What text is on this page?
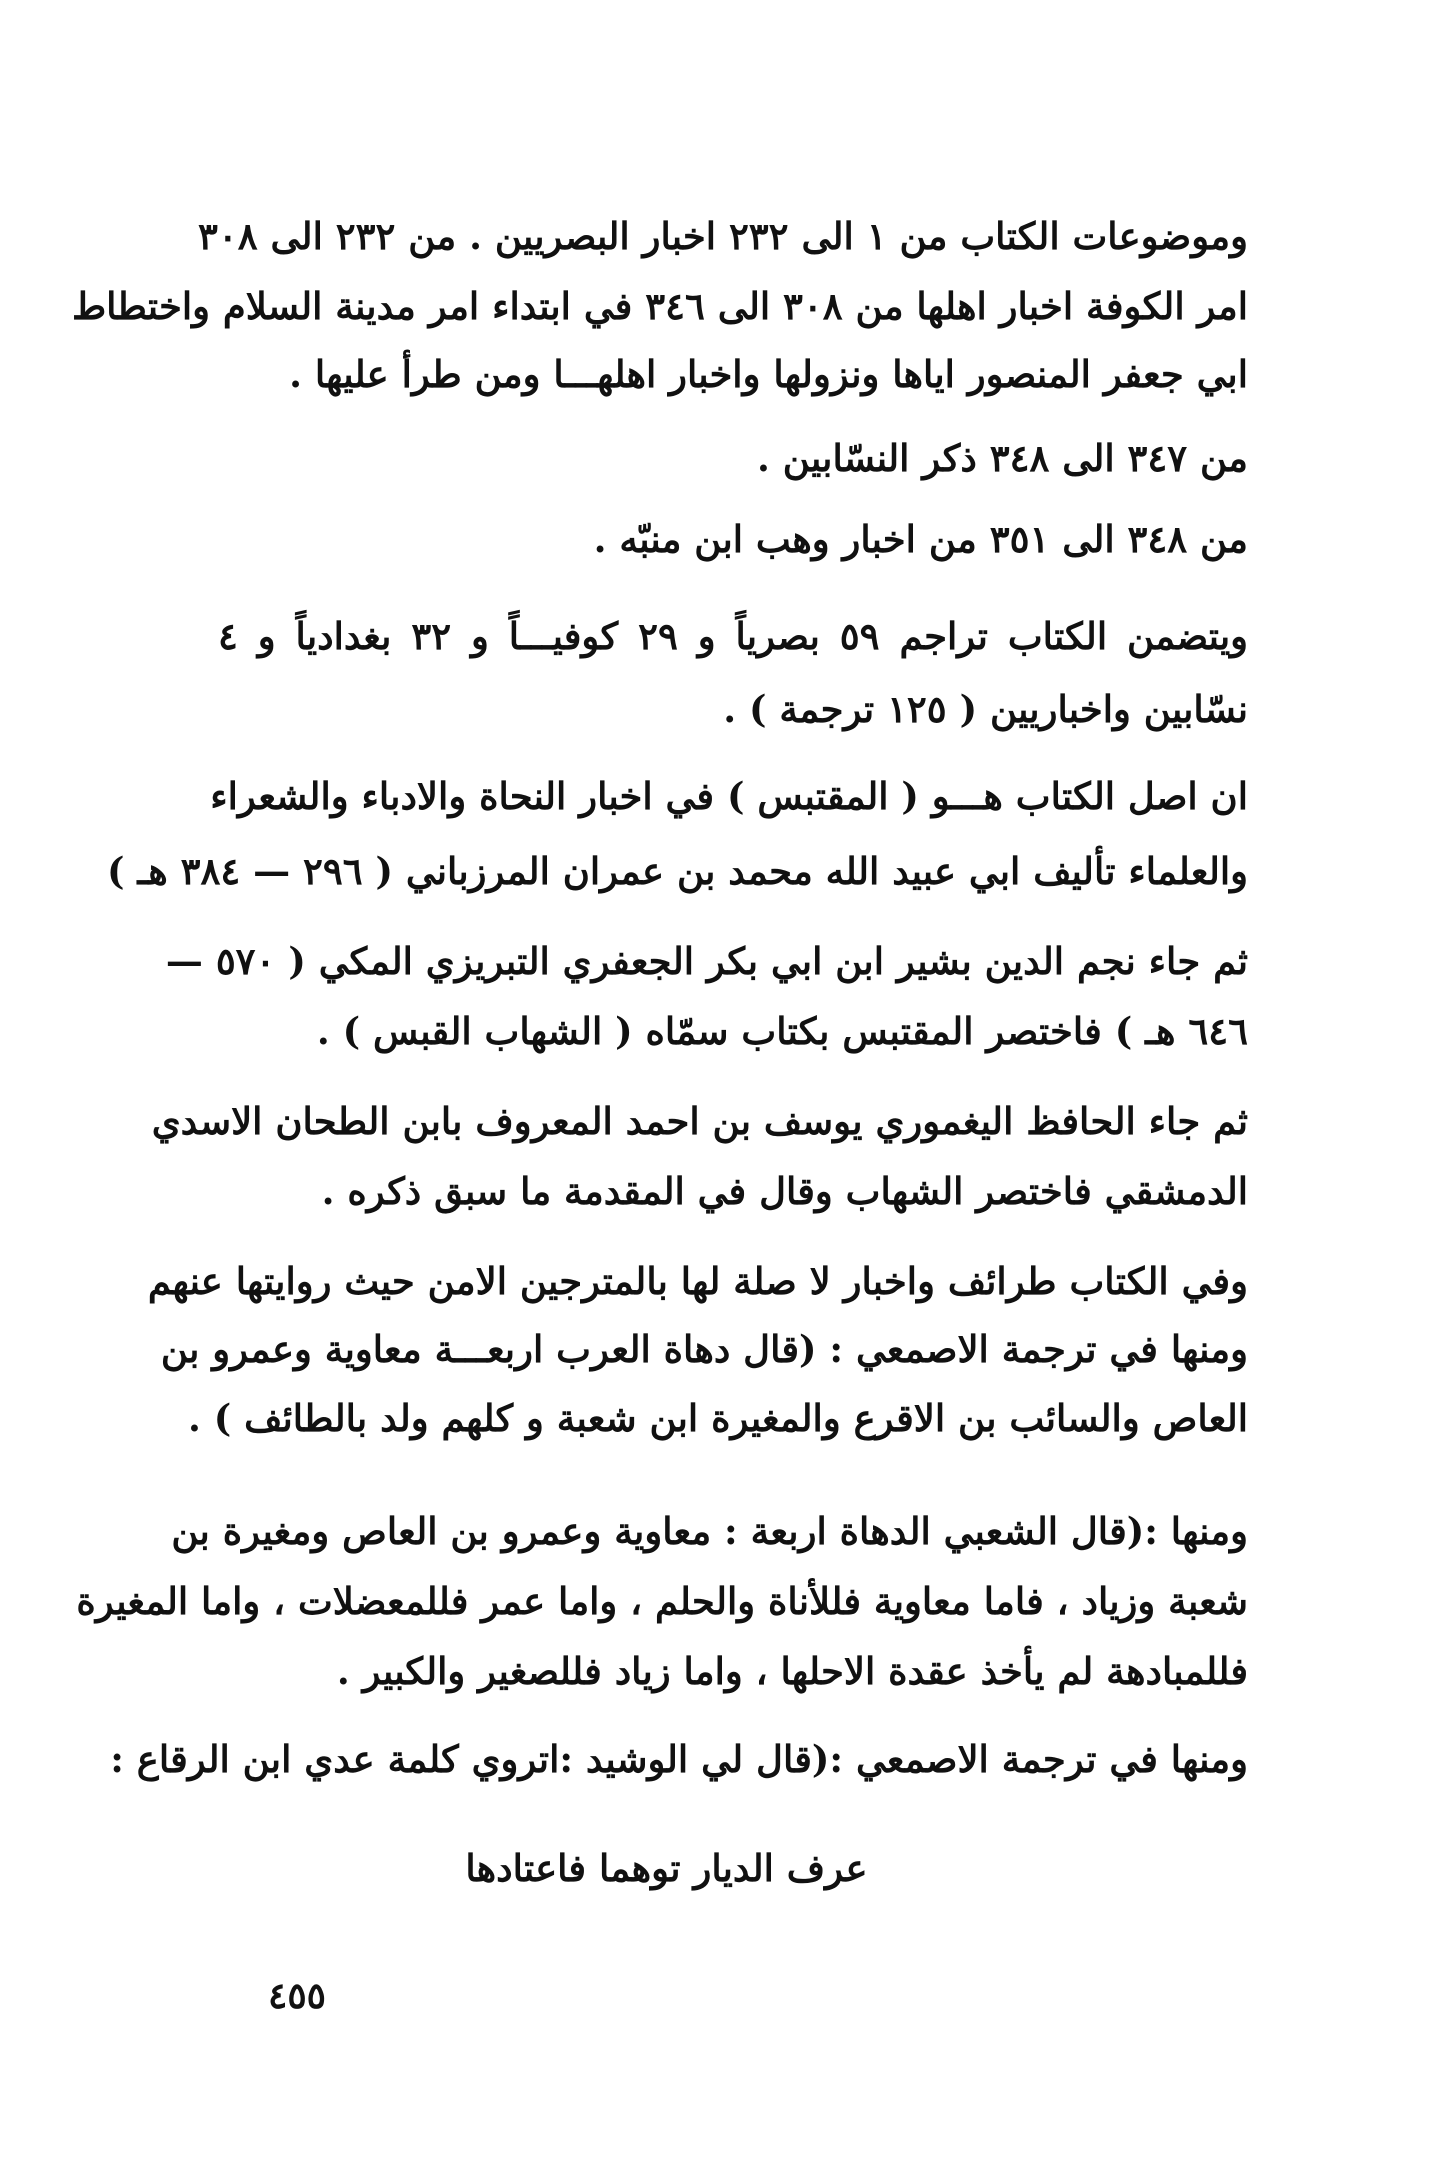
وموضوعات الكتاب من ١ الى ٢٣٢ اخبار البصريين . من ٢٣٢ الى ٣٠٨
امر الكوفة اخبار اهلها من ٣٠٨ الى ٣٤٦ في ابتداء امر مدينة السلام واختطاط
ابي جعفر المنصور اياها ونزولها واخبار اهلهـــا ومن طرأ عليها .
من ٣٤٧ الى ٣٤٨ ذكر النسّابين .
من ٣٤٨ الى ٣٥١ من اخبار وهب ابن منبّه .
ويتضمن الكتاب تراجم ٥٩ بصرياً و ٢٩ كوفيـــاً و ٣٢ بغدادياً و ٤
نسّابين واخباريين ( ١٢٥ ترجمة ) .
ان اصل الكتاب هـــو ( المقتبس ) في اخبار النحاة والادباء والشعراء
والعلماء تأليف ابي عبيد الله محمد بن عمران المرزباني ( ٢٩٦ — ٣٨٤ هـ )
ثم جاء نجم الدين بشير ابن ابي بكر الجعفري التبريزي المكي ( ٥٧٠ —
٦٤٦ هـ ) فاختصر المقتبس بكتاب سمّاه ( الشهاب القبس ) .
ثم جاء الحافظ اليغموري يوسف بن احمد المعروف بابن الطحان الاسدي
الدمشقي فاختصر الشهاب وقال في المقدمة ما سبق ذكره .
وفي الكتاب طرائف واخبار لا صلة لها بالمترجين الامن حيث روايتها عنهم
ومنها في ترجمة الاصمعي : (قال دهاة العرب اربعـــة معاوية وعمرو بن
العاص والسائب بن الاقرع والمغيرة ابن شعبة و كلهم ولد بالطائف ) .
ومنها :(قال الشعبي الدهاة اربعة : معاوية وعمرو بن العاص ومغيرة بن
شعبة وزياد ، فاما معاوية فللأناة والحلم ، واما عمر فللمعضلات ، واما المغيرة
فللمبادهة لم يأخذ عقدة الاحلها ، واما زياد فللصغير والكبير .
ومنها في ترجمة الاصمعي :(قال لي الوشيد :اتروي كلمة عدي ابن الرقاع :
عرف الديار توهما فاعتادها
٤٥٥
